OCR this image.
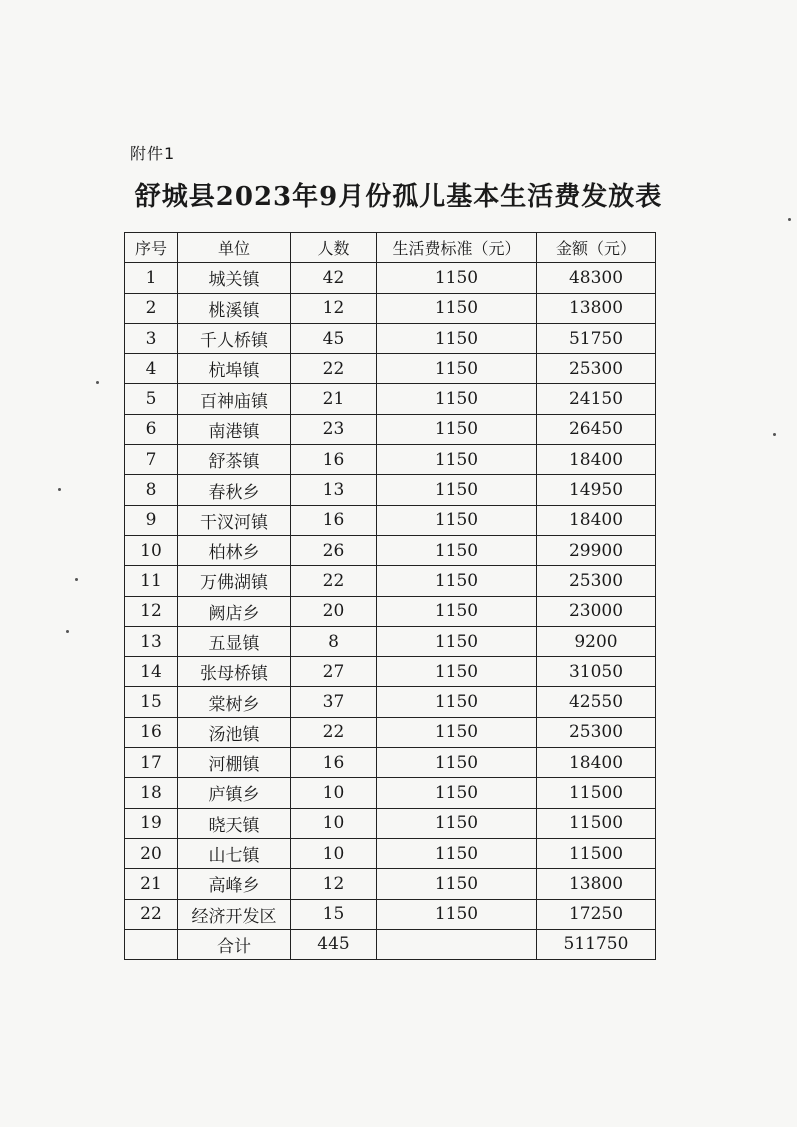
附件1
舒城县2023年9月份孤儿基本生活费发放表
序号	单位	人数	生活费标准（元）	金额（元）
1	城关镇	42	1150	48300
2	桃溪镇	12	1150	13800
3	千人桥镇	45	1150	51750
4	杭埠镇	22	1150	25300
5	百神庙镇	21	1150	24150
6	南港镇	23	1150	26450
7	舒茶镇	16	1150	18400
8	春秋乡	13	1150	14950
9	干汊河镇	16	1150	18400
10	柏林乡	26	1150	29900
11	万佛湖镇	22	1150	25300
12	阙店乡	20	1150	23000
13	五显镇	8	1150	9200
14	张母桥镇	27	1150	31050
15	棠树乡	37	1150	42550
16	汤池镇	22	1150	25300
17	河棚镇	16	1150	18400
18	庐镇乡	10	1150	11500
19	晓天镇	10	1150	11500
20	山七镇	10	1150	11500
21	高峰乡	12	1150	13800
22	经济开发区	15	1150	17250
	合计	445		511750
